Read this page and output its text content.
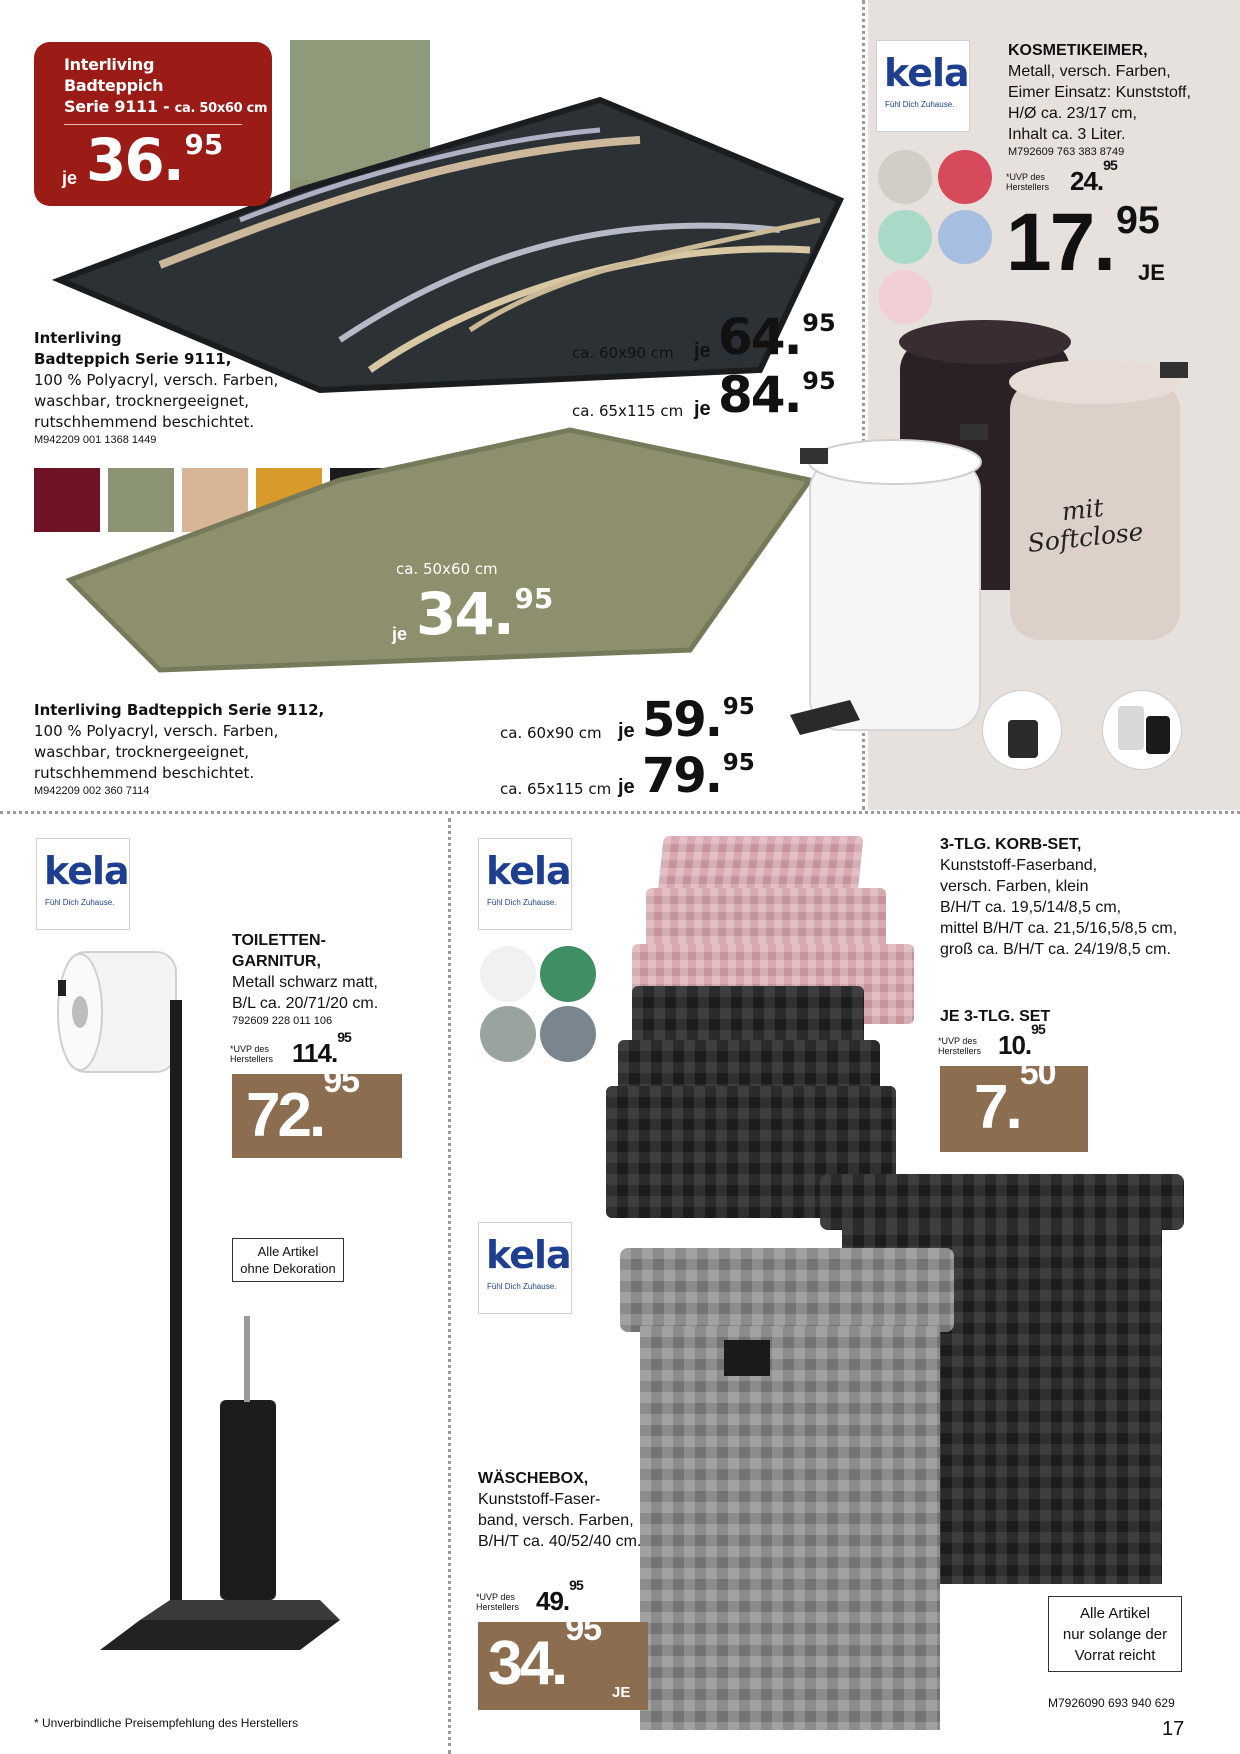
Interliving
Badteppich
Serie 9111 - ca. 50x60 cm
je 36.95
Interliving
Badteppich Serie 9111,
100 % Polyacryl, versch. Farben,
waschbar, trocknergeeignet,
rutschhemmend beschichtet.
M942209 001 1368 1449
ca. 60x90 cm je 64.95
ca. 65x115 cm je 84.95
ca. 50x60 cm
je 34.95
Interliving Badteppich Serie 9112,
100 % Polyacryl, versch. Farben,
waschbar, trocknergeeignet,
rutschhemmend beschichtet.
M942209 002 360 7114
ca. 60x90 cm je 59.95
ca. 65x115 cm je 79.95
kela
Fühl Dich Zuhause.
KOSMETIKEIMER,
Metall, versch. Farben,
Eimer Einsatz: Kunststoff,
H/Ø ca. 23/17 cm,
Inhalt ca. 3 Liter.
M792609 763 383 8749
*UVP des
Herstellers 24.95
17.95
JE
mit
Softclose
kela
Fühl Dich Zuhause.
TOILETTEN-
GARNITUR,
Metall schwarz matt,
B/L ca. 20/71/20 cm.
792609 228 011 106
*UVP des
Herstellers 114.95
72.95
Alle Artikel
ohne Dekoration
kela
Fühl Dich Zuhause.
3-TLG. KORB-SET,
Kunststoff-Faserband,
versch. Farben, klein
B/H/T ca. 19,5/14/8,5 cm,
mittel B/H/T ca. 21,5/16,5/8,5 cm,
groß ca. B/H/T ca. 24/19/8,5 cm.
JE 3-TLG. SET
*UVP des
Herstellers 10.95
7.50
kela
Fühl Dich Zuhause.
WÄSCHEBOX,
Kunststoff-Faser-
band, versch. Farben,
B/H/T ca. 40/52/40 cm.
*UVP des
Herstellers 49.95
34.95
JE
Alle Artikel
nur solange der
Vorrat reicht
M7926090 693 940 629
* Unverbindliche Preisempfehlung des Herstellers	17
